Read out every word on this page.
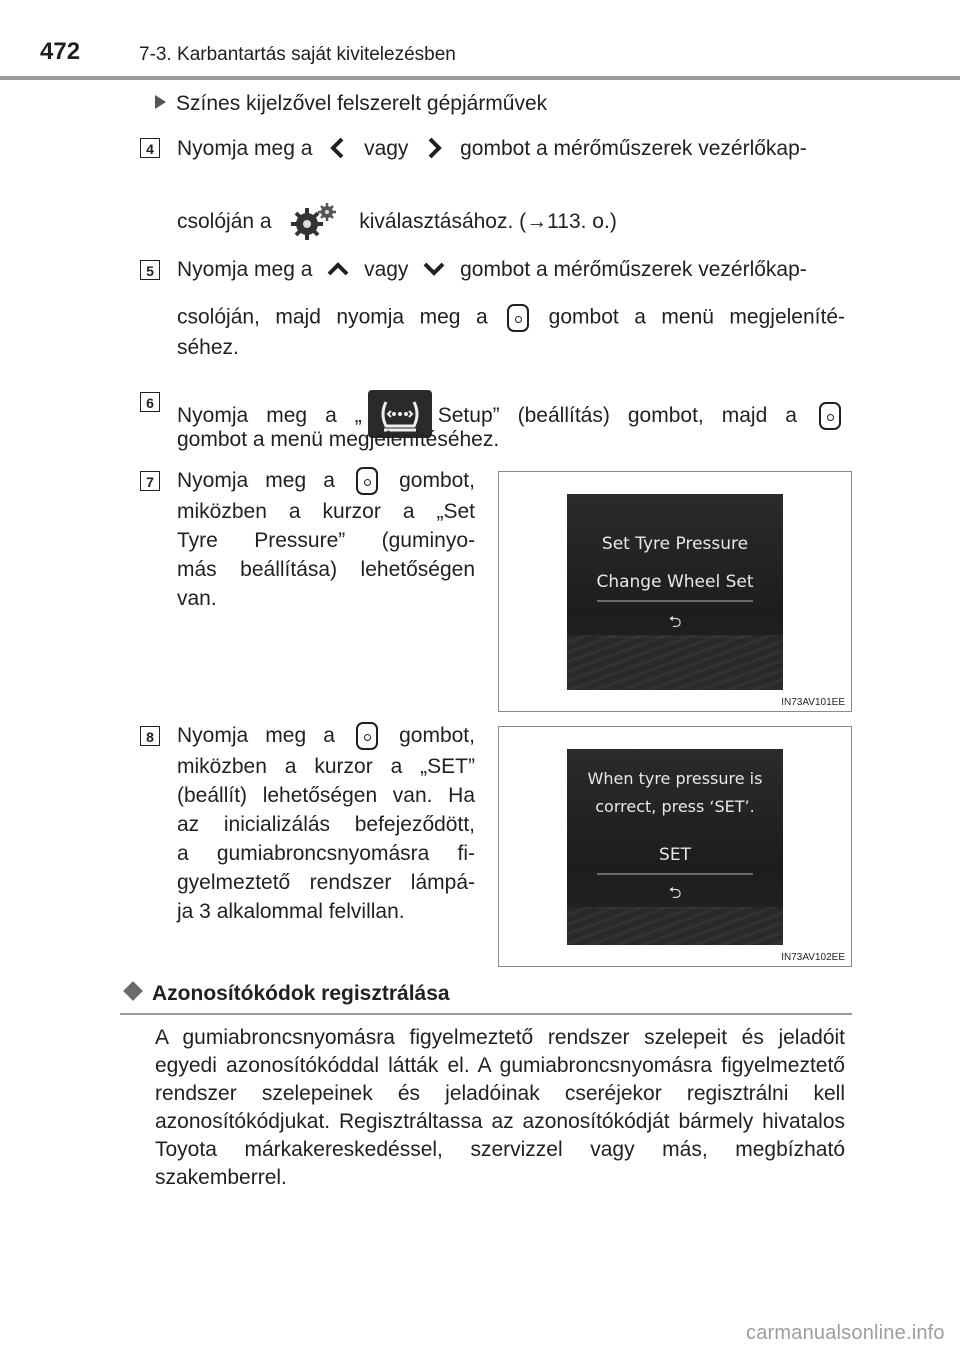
472	7-3. Karbantartás saját kivitelezésben
Színes kijelzővel felszerelt gépjárművek
4 Nyomja meg a vagy gombot a mérőműszerek vezérlőkap-
csolóján a	kiválasztásához. (→113. o.)
5 Nyomja meg a vagy gombot a mérőműszerek vezérlőkap-
csolóján, majd nyomja meg a	gombot a menü megjeleníté-
séhez.
6
Nyomja meg a „	Setup” (beállítás) gombot, majd a
gombot a menü megjelenítéséhez.
7 Nyomja meg a	gombot,
miközben a kurzor a „Set
Tyre Pressure” (guminyo-
más beállítása) lehetőségen
van.
Set Tyre Pressure
Change Wheel Set
⮌
IN73AV101EE
8 Nyomja meg a	gombot,
miközben a kurzor a „SET”
(beállít) lehetőségen van. Ha
az inicializálás befejeződött,
a gumiabroncsnyomásra fi-
gyelmeztető rendszer lámpá-
ja 3 alkalommal felvillan.
When tyre pressure is
correct, press ‘SET’.
SET
⮌
IN73AV102EE
Azonosítókódok regisztrálása
A gumiabroncsnyomásra figyelmeztető rendszer szelepeit és jeladóit egyedi azonosítókóddal látták el. A gumiabroncsnyomásra figyelmeztető rendszer szelepeinek és jeladóinak cseréjekor regisztrálni kell azonosítókódjukat. Regisztráltassa az azonosítókódját bármely hivatalos Toyota márkakereskedéssel, szervizzel vagy más, megbízható szakemberrel.
carmanualsonline.info
